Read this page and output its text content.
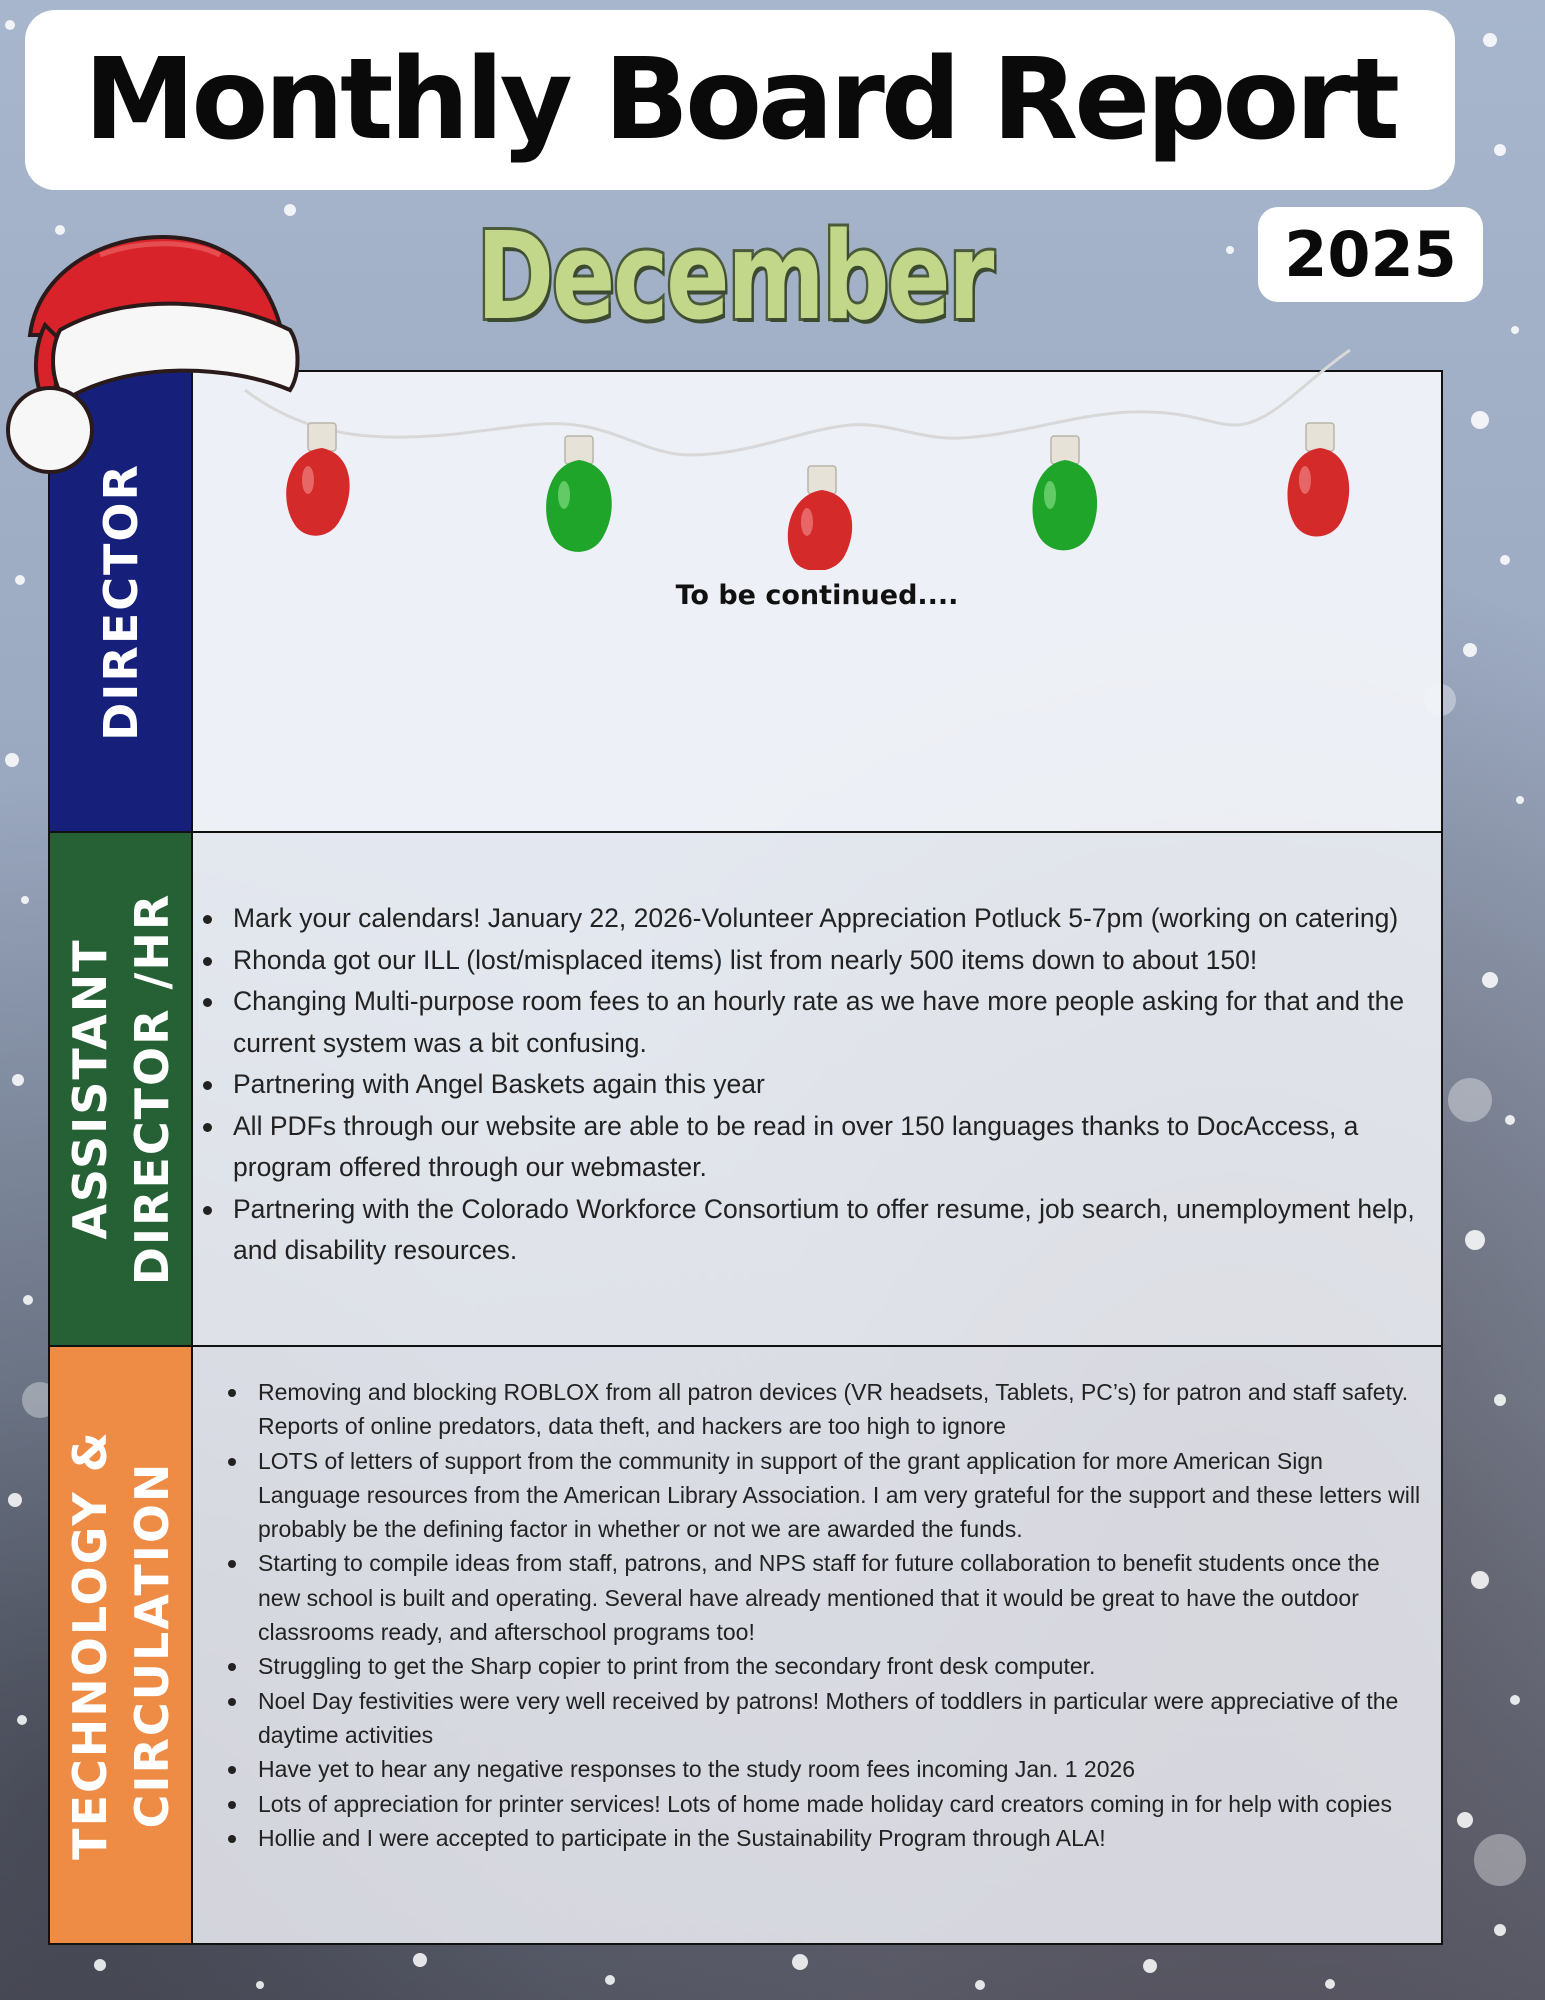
Monthly Board Report
December	2025
DIRECTOR	To be continued....
ASSISTANT DIRECTOR /HR	Mark your calendars! January 22, 2026-Volunteer Appreciation Potluck 5-7pm (working on catering)
Rhonda got our ILL (lost/misplaced items) list from nearly 500 items down to about 150!
Changing Multi-purpose room fees to an hourly rate as we have more people asking for that and the current system was a bit confusing.
Partnering with Angel Baskets again this year
All PDFs through our website are able to be read in over 150 languages thanks to DocAccess, a program offered through our webmaster.
Partnering with the Colorado Workforce Consortium to offer resume, job search, unemployment help, and disability resources.
TECHNOLOGY & CIRCULATION
Removing and blocking ROBLOX from all patron devices (VR headsets, Tablets, PC’s) for patron and staff safety. Reports of online predators, data theft, and hackers are too high to ignore
LOTS of letters of support from the community in support of the grant application for more American Sign Language resources from the American Library Association. I am very grateful for the support and these letters will probably be the defining factor in whether or not we are awarded the funds.
Starting to compile ideas from staff, patrons, and NPS staff for future collaboration to benefit students once the new school is built and operating. Several have already mentioned that it would be great to have the outdoor classrooms ready, and afterschool programs too!
Struggling to get the Sharp copier to print from the secondary front desk computer.
Noel Day festivities were very well received by patrons! Mothers of toddlers in particular were appreciative of the daytime activities
Have yet to hear any negative responses to the study room fees incoming Jan. 1 2026
Lots of appreciation for printer services! Lots of home made holiday card creators coming in for help with copies
Hollie and I were accepted to participate in the Sustainability Program through ALA!
